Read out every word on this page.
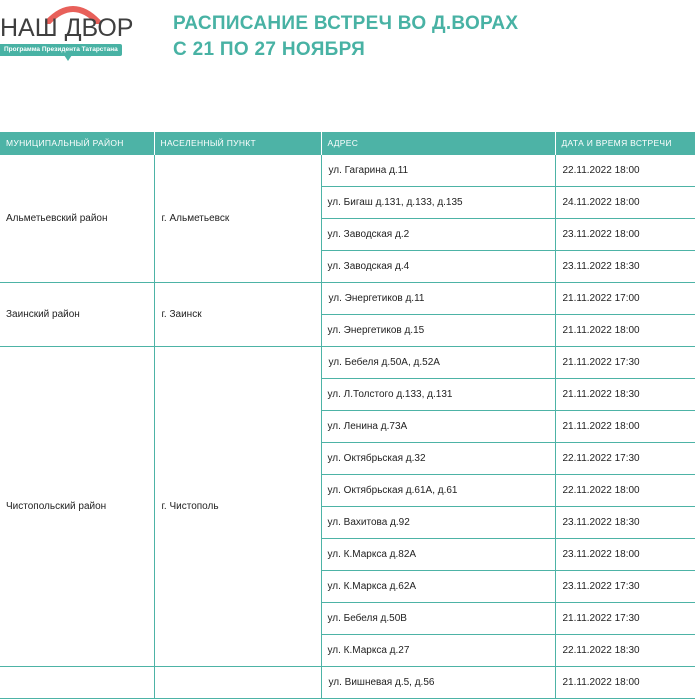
НАШ ДВОР
Программа Президента Татарстана
РАСПИСАНИЕ ВСТРЕЧ ВО Д.ВОРАХ
С 21 ПО 27 НОЯБРЯ
МУНИЦИПАЛЬНЫЙ РАЙОН	НАСЕЛЕННЫЙ ПУНКТ	АДРЕС	ДАТА И ВРЕМЯ ВСТРЕЧИ
Альметьевский район	г. Альметьевск	ул. Гагарина д.11	22.11.2022 18:00
		ул. Бигаш д.131, д.133, д.135	24.11.2022 18:00
		ул. Заводская д.2	23.11.2022 18:00
		ул. Заводская д.4	23.11.2022 18:30
Заинский район	г. Заинск	ул. Энергетиков д.11	21.11.2022 17:00
		ул. Энергетиков д.15	21.11.2022 18:00
Чистопольский район	г. Чистополь	ул. Бебеля д.50А, д.52А	21.11.2022 17:30
		ул. Л.Толстого д.133, д.131	21.11.2022 18:30
		ул. Ленина д.73А	21.11.2022 18:00
		ул. Октябрьская д.32	22.11.2022 17:30
		ул. Октябрьская д.61А, д.61	22.11.2022 18:00
		ул. Вахитова д.92	23.11.2022 18:30
		ул. К.Маркса д.82А	23.11.2022 18:00
		ул. К.Маркса д.62А	23.11.2022 17:30
		ул. Бебеля д.50В	21.11.2022 17:30
		ул. К.Маркса д.27	22.11.2022 18:30
		ул. Вишневая д.5, д.56	21.11.2022 18:00
